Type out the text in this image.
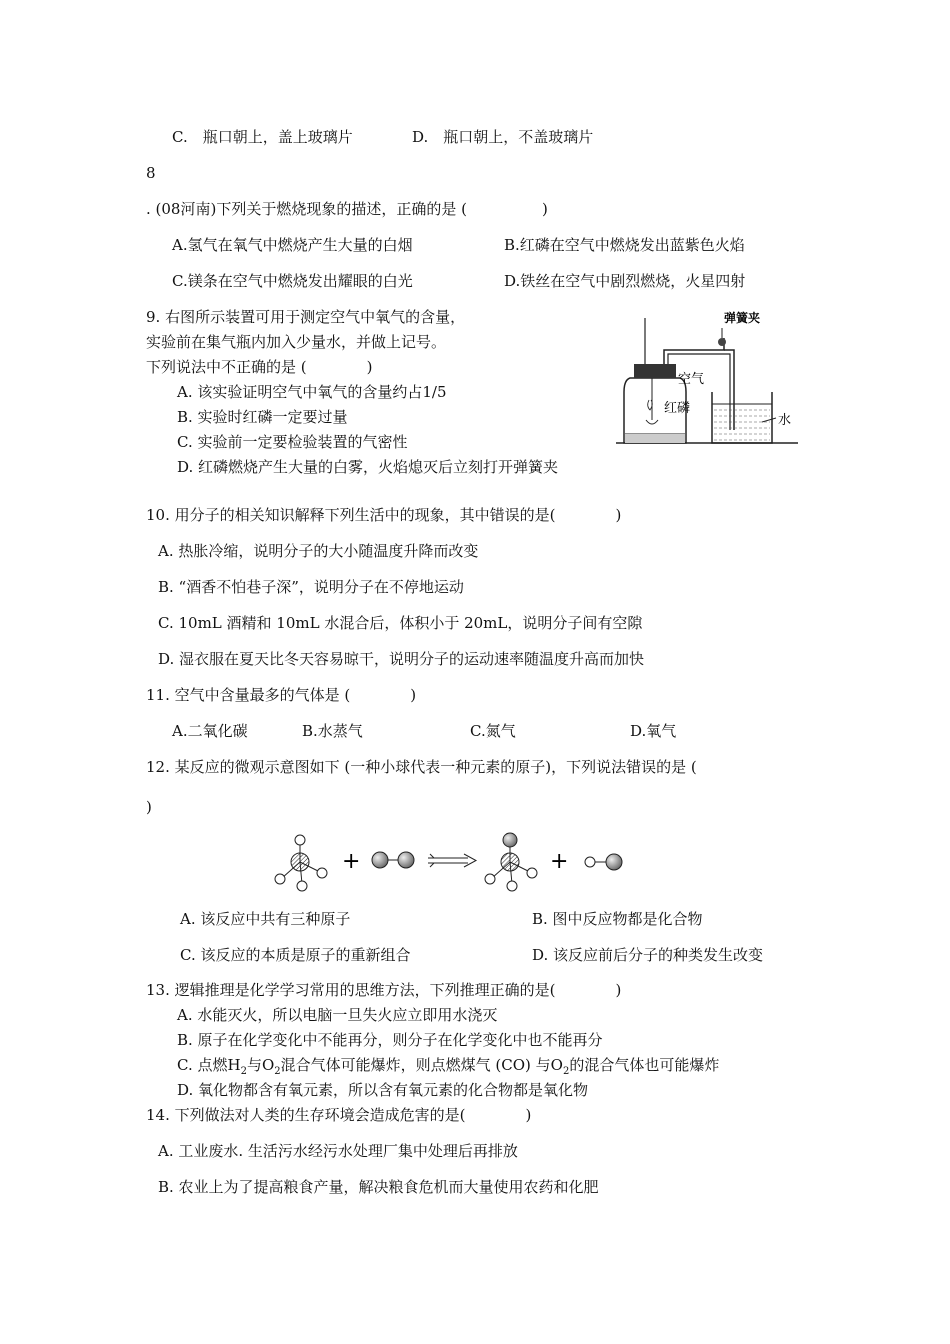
C.　瓶口朝上，盖上玻璃片	D.　瓶口朝上，不盖玻璃片
8
. (08河南)下列关于燃烧现象的描述，正确的是 (　　　　　)
A.氢气在氧气中燃烧产生大量的白烟	B.红磷在空气中燃烧发出蓝紫色火焰
C.镁条在空气中燃烧发出耀眼的白光	D.铁丝在空气中剧烈燃烧，火星四射
9. 右图所示装置可用于测定空气中氧气的含量，
实验前在集气瓶内加入少量水，并做上记号。
下列说法中不正确的是 (　　　　)
A. 该实验证明空气中氧气的含量约占1/5
B. 实验时红磷一定要过量
C. 实验前一定要检验装置的气密性
D. 红磷燃烧产生大量的白雾，火焰熄灭后立刻打开弹簧夹
弹簧夹
空气
红磷
水
10. 用分子的相关知识解释下列生活中的现象，其中错误的是(　　　　)
A. 热胀冷缩，说明分子的大小随温度升降而改变
B. “酒香不怕巷子深”，说明分子在不停地运动
C. 10mL 酒精和 10mL 水混合后，体积小于 20mL，说明分子间有空隙
D. 湿衣服在夏天比冬天容易晾干，说明分子的运动速率随温度升高而加快
11. 空气中含量最多的气体是 (　　　　)
A.二氧化碳	B.水蒸气	C.氮气	D.氧气
12. 某反应的微观示意图如下 (一种小球代表一种元素的原子)，下列说法错误的是 (
)
+	+
A. 该反应中共有三种原子	B. 图中反应物都是化合物
C. 该反应的本质是原子的重新组合	D. 该反应前后分子的种类发生改变
13. 逻辑推理是化学学习常用的思维方法，下列推理正确的是(　　　　)
A. 水能灭火，所以电脑一旦失火应立即用水浇灭
B. 原子在化学变化中不能再分，则分子在化学变化中也不能再分
C. 点燃$H_2$与$O_2$混合气体可能爆炸，则点燃煤气 (CO) 与$O_2$的混合气体也可能爆炸
D. 氧化物都含有氧元素，所以含有氧元素的化合物都是氧化物
14. 下列做法对人类的生存环境会造成危害的是(　　　　)
A. 工业废水. 生活污水经污水处理厂集中处理后再排放
B. 农业上为了提高粮食产量，解决粮食危机而大量使用农药和化肥
